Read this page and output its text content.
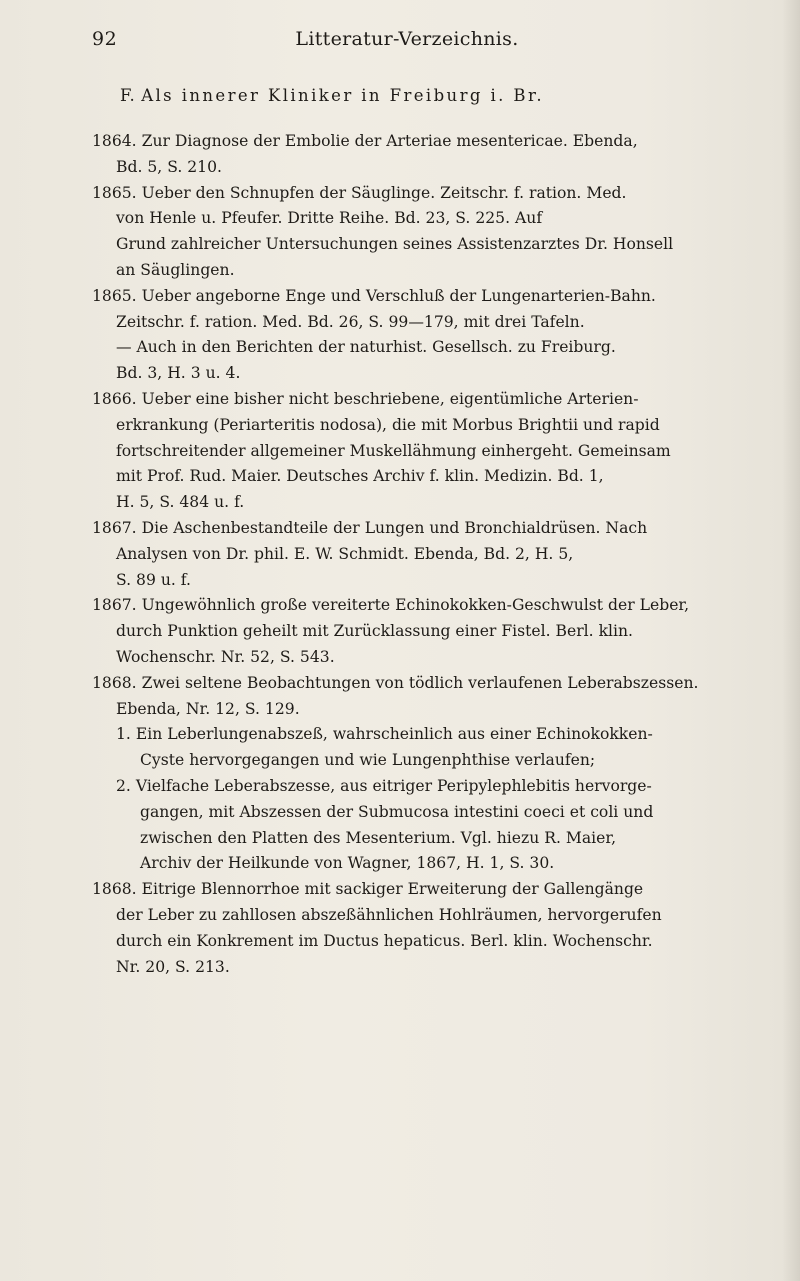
92	Litteratur-Verzeichnis.
F. Als innerer Kliniker in Freiburg i. Br.
1864. Zur Diagnose der Embolie der Arteriae mesentericae. Ebenda,
Bd. 5, S. 210.
1865. Ueber den Schnupfen der Säuglinge. Zeitschr. f. ration. Med.
von Henle u. Pfeufer. Dritte Reihe. Bd. 23, S. 225. Auf
Grund zahlreicher Untersuchungen seines Assistenzarztes Dr. Honsell
an Säuglingen.
1865. Ueber angeborne Enge und Verschluß der Lungenarterien-Bahn.
Zeitschr. f. ration. Med. Bd. 26, S. 99—179, mit drei Tafeln.
— Auch in den Berichten der naturhist. Gesellsch. zu Freiburg.
Bd. 3, H. 3 u. 4.
1866. Ueber eine bisher nicht beschriebene, eigentümliche Arterien-
erkrankung (Periarteritis nodosa), die mit Morbus Brightii und rapid
fortschreitender allgemeiner Muskellähmung einhergeht. Gemeinsam
mit Prof. Rud. Maier. Deutsches Archiv f. klin. Medizin. Bd. 1,
H. 5, S. 484 u. f.
1867. Die Aschenbestandteile der Lungen und Bronchialdrüsen. Nach
Analysen von Dr. phil. E. W. Schmidt. Ebenda, Bd. 2, H. 5,
S. 89 u. f.
1867. Ungewöhnlich große vereiterte Echinokokken-Geschwulst der Leber,
durch Punktion geheilt mit Zurücklassung einer Fistel. Berl. klin.
Wochenschr. Nr. 52, S. 543.
1868. Zwei seltene Beobachtungen von tödlich verlaufenen Leberabszessen.
Ebenda, Nr. 12, S. 129.
1. Ein Leberlungenabszeß, wahrscheinlich aus einer Echinokokken-
Cyste hervorgegangen und wie Lungenphthise verlaufen;
2. Vielfache Leberabszesse, aus eitriger Peripylephlebitis hervorge-
gangen, mit Abszessen der Submucosa intestini coeci et coli und
zwischen den Platten des Mesenterium. Vgl. hiezu R. Maier,
Archiv der Heilkunde von Wagner, 1867, H. 1, S. 30.
1868. Eitrige Blennorrhoe mit sackiger Erweiterung der Gallengänge
der Leber zu zahllosen abszeßähnlichen Hohlräumen, hervorgerufen
durch ein Konkrement im Ductus hepaticus. Berl. klin. Wochenschr.
Nr. 20, S. 213.
